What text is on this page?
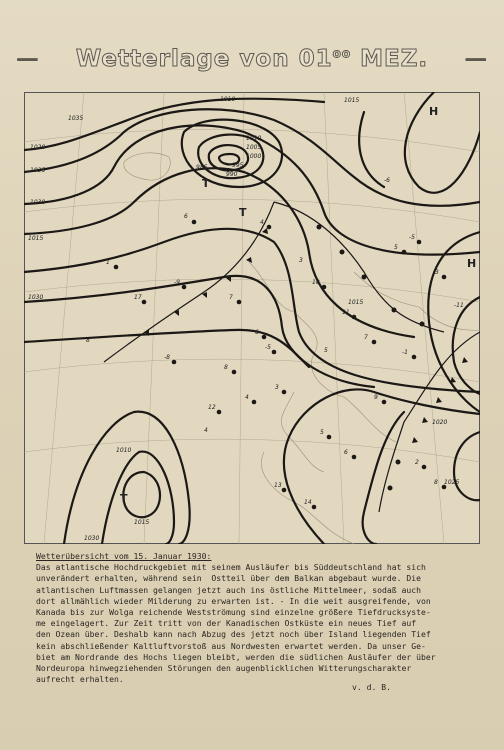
— Wetterlage von $01^{oo}$ MEZ. —
1010	1015
1020
1025
1030
1015
1010
1005
1000
995
990
985
1030
1035
1015
1020
1025
1010
1015
1030
T
T
T
H
H
6
4
1
7
6
10
11
7
-1
12
4
3
5
6
2
8
13
14
-8
-5
5
3
-5
-9
17
8
9
-11
5
-6
3
4
8
Wetterübersicht vom 15. Januar 1930:
Das atlantische Hochdruckgebiet mit seinem Ausläufer bis Süddeutschland hat sich
unverändert erhalten, während sein  Ostteil über dem Balkan abgebaut wurde. Die
atlantischen Luftmassen gelangen jetzt auch ins östliche Mittelmeer, sodaß auch
dort allmählich wieder Milderung zu erwarten ist. - In die weit ausgreifende, von
Kanada bis zur Wolga reichende Westströmung sind einzelne größere Tiefdrucksyste-
me eingelagert. Zur Zeit tritt von der Kanadischen Ostküste ein neues Tief auf
den Ozean über. Deshalb kann nach Abzug des jetzt noch über Island liegenden Tief
kein abschließender Kaltluftvorstoß aus Nordwesten erwartet werden. Da unser Ge-
biet am Nordrande des Hochs liegen bleibt, werden die südlichen Ausläufer der über
Nordeuropa hinwegziehenden Störungen den augenblicklichen Witterungscharakter
aufrecht erhalten.
v. d. B.
